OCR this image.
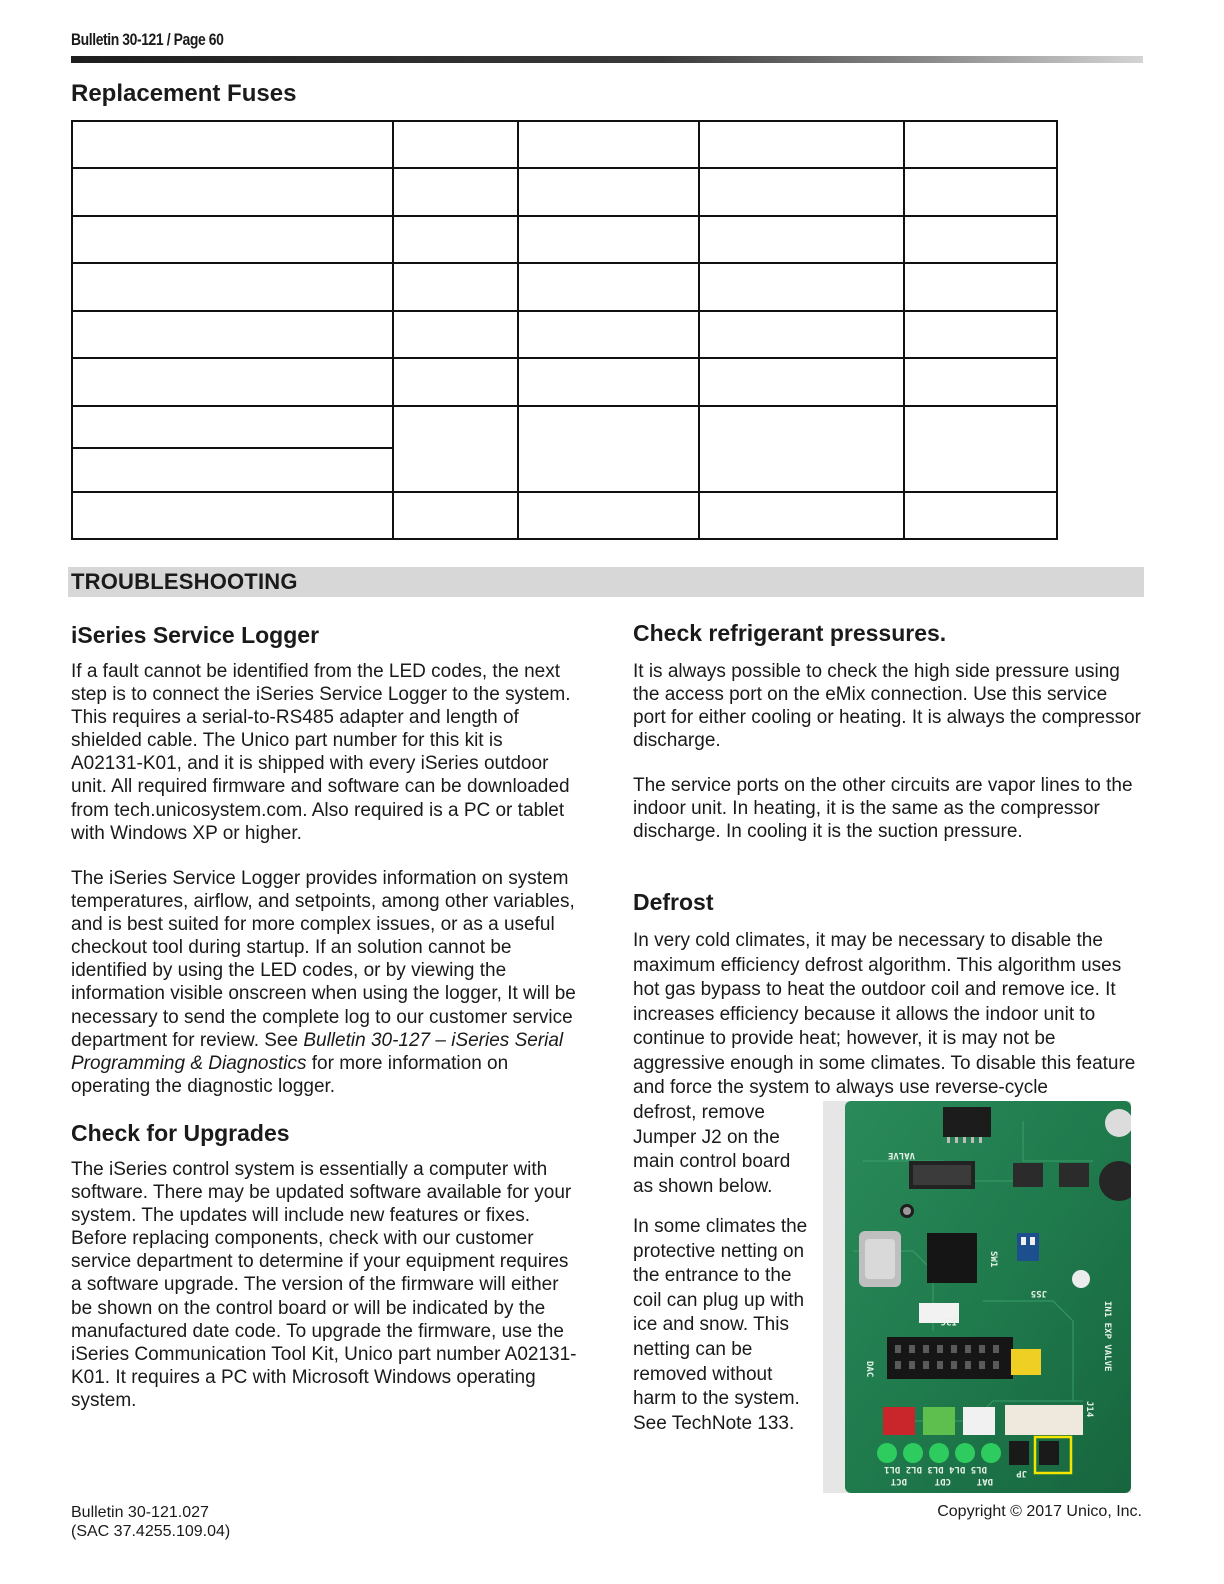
Bulletin 30-121 / Page 60
Replacement Fuses

TROUBLESHOOTING
iSeries Service Logger

If a fault cannot be identified from the LED codes, the next step is to connect the iSeries Service Logger to the system. This requires a serial-to-RS485 adapter and length of shielded cable. The Unico part number for this kit is A02131-K01, and it is shipped with every iSeries outdoor unit. All required firmware and software can be downloaded from tech.unicosystem.com. Also required is a PC or tablet with Windows XP or higher.

The iSeries Service Logger provides information on system temperatures, airflow, and setpoints, among other variables, and is best suited for more complex issues, or as a useful checkout tool during startup. If an solution cannot be identified by using the LED codes, or by viewing the information visible onscreen when using the logger, It will be necessary to send the complete log to our customer service department for review. See Bulletin 30-127 – iSeries Serial Programming & Diagnostics for more information on operating the diagnostic logger.

Check for Upgrades

The iSeries control system is essentially a computer with software. There may be updated software available for your system. The updates will include new features or fixes. Before replacing components, check with our customer service department to determine if your equipment requires a software upgrade. The version of the firmware will either be shown on the control board or will be indicated by the manufactured date code. To upgrade the firmware, use the iSeries Communication Tool Kit, Unico part number A02131-K01. It requires a PC with Microsoft Windows operating system.

Check refrigerant pressures.

It is always possible to check the high side pressure using the access port on the eMix connection. Use this service port for either cooling or heating. It is always the compressor discharge.

The service ports on the other circuits are vapor lines to the indoor unit. In heating, it is the same as the compressor discharge. In cooling it is the suction pressure.

Defrost

In very cold climates, it may be necessary to disable the maximum efficiency defrost algorithm. This algorithm uses hot gas bypass to heat the outdoor coil and remove ice. It increases efficiency because it allows the indoor unit to continue to provide heat; however, it is may not be aggressive enough in some climates. To disable this feature and force the system to always use reverse-cycle

defrost, remove Jumper J2 on the main control board as shown below.

In some climates the protective netting on the entrance to the coil can plug up with ice and snow. This netting can be removed without harm to the system. See TechNote 133.

VALVE
IN1 EXP VALVE
DAC
I2C
SW1
JS5
J14
JP
DCT	CDT	DAT
DL5 DL4 DL3 DL2 DL1
Bulletin 30-121.027
(SAC 37.4255.109.04)
Copyright © 2017 Unico, Inc.
